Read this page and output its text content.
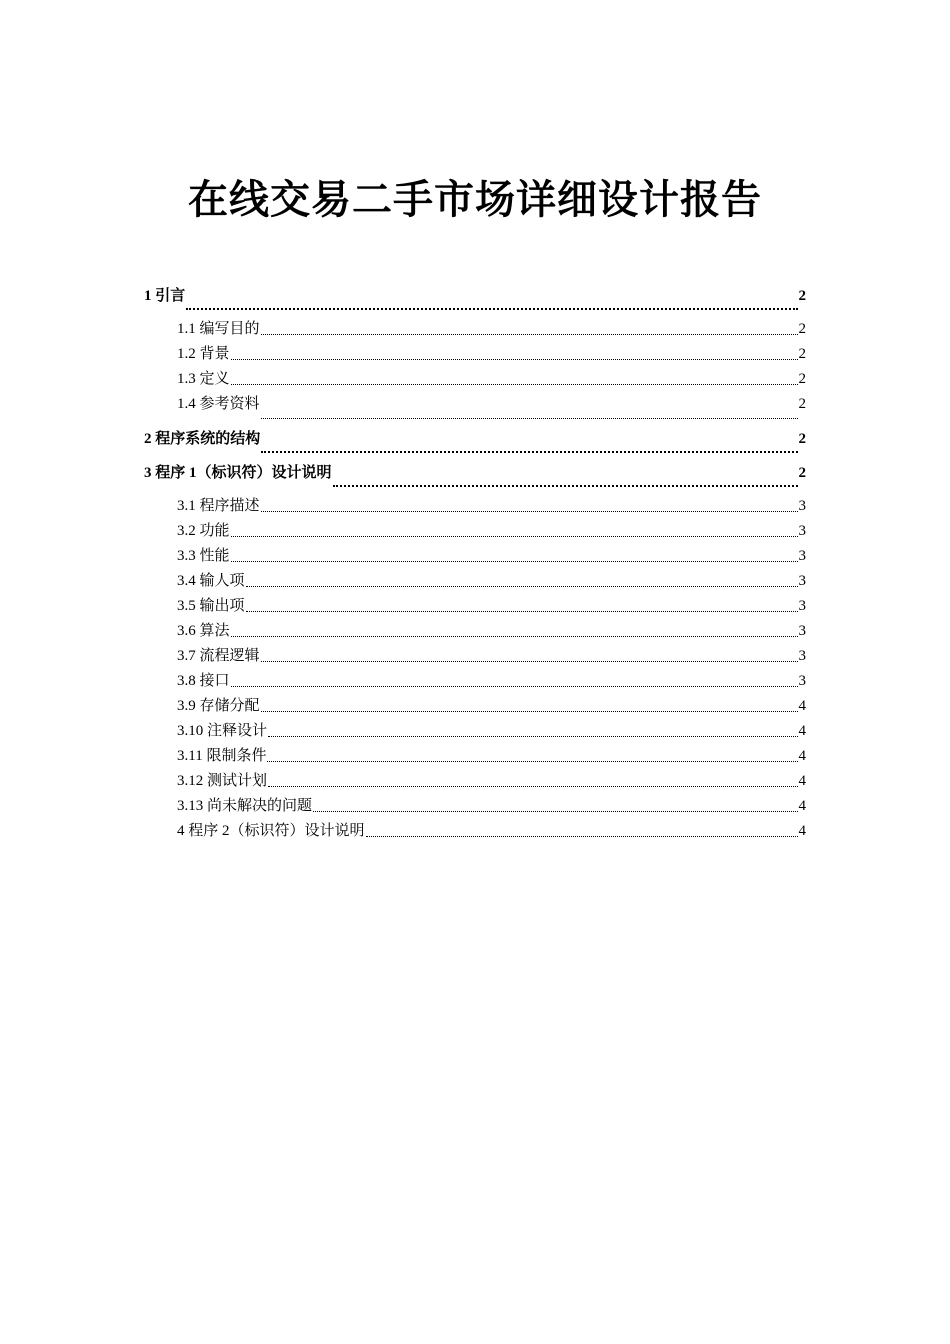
在线交易二手市场详细设计报告
1 引言	2
1.1 编写目的	2
1.2 背景	2
1.3 定义	2
1.4 参考资料	2
2 程序系统的结构	2
3 程序 1（标识符）设计说明	2
3.1 程序描述	3
3.2 功能	3
3.3 性能	3
3.4 输人项	3
3.5 输出项	3
3.6 算法	3
3.7 流程逻辑	3
3.8 接口	3
3.9 存储分配	4
3.10 注释设计	4
3.11 限制条件	4
3.12 测试计划	4
3.13 尚未解决的问题	4
4 程序 2（标识符）设计说明	4
